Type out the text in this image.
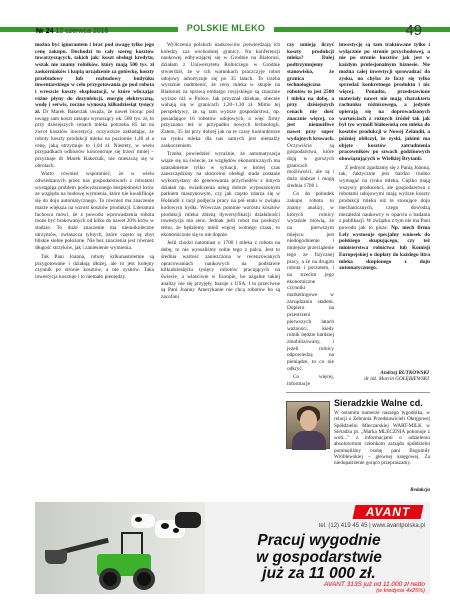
Nr 24 12 czerwca 2016	POLSKIE MLEKO	49

można być ignorantem i brać pod uwagę tylko jego cenę zakupu. Dochodzi tu cały szereg kosztów towarzyszących, takich jak: koszt obsługi kredytu, wszak nie znamy rolników, który mają 500 tys. zł zaskórniaków i kupią urządzenie za gotówkę, koszty przebudowy lub rozbudowy budynku inwentarskiego w celu przygotowania go pod robota i wreszcie koszty eksploatacji, w które wliczając różne płyny do dezynfekcji, energię elektryczną, wodę i serwis, roczne wynoszą kilkadziesiąt tysięcy zł. Dr Marek Bakerzak uważa, że nawet biorąc pod uwagę sam koszt zakupu wynoszący ok. 500 tys. zł, to przy dzisiejszych cenach mleka potrzeba 85 lat na zwrot kosztów inwestycji, oczywiście zakładając, że roboty koszty produkcji mleka na poziomie 1,40 zł a cenę, jaką otrzymuje to 1,04 zł. Niestety, w wielu przypadkach odbiorów koncentruje się trzeci mniej – przyznaje dr Marek Bakerzak, nie mieszczą się w obrotach.

Warto również wspomnieć, że w wielu odwiedzanych przez nas gospodarstwach z robotami wystąpiga problem podwyższonego bezpłodności krów ze względu na budowę wymienia, które nie kwalifikuje się do doju automatycznego. To również ma znaczenie marże większa na wzrost kosztów produkcji. Literatura fachowa mówi, że z powodu wprowadzenia robota może być brakowanych od kilku do nawet 20% krów w stadzie. To duże znaczenie ma nieuniknieczne utrzymów, zwłaszcza tylnych, które często są zbyt bliskie siebie położone. Nie bez znaczenia jest również długość strzyków, jak i zaniesienie wymienia.

Tak Pani Joanna, roboty kilkunastoletnie są przygotowane i działają dłużej, ale to jest kolejny czynnik po stronie kosztów, a nie zysków. Taka inwestycja kosztuje i to niemało pieniędzy.

Wyliczenia polskich naukowców potwierdzają ich koledzy zza wschodniej granicy. Na konferencji naukowej odbywającej się w Grodnie na Białorusi, działam z Uniwersytetu Rolniczego w Grodnie stwierdził, że w ich warunkach praczczyje robot udojowy amortyzuje się po 35 latach. To trzeba wyraźnie nadmienić, że ceny mleka w skupie na Białorusi za sprawą embargo rosyjskiego są znacznie wyższe niż w Polsce. Jak przyznał dziekan, obecnie wahają się w granicach 1,20–1,30 zł. Mimo tej perspektywy, że są tam wyższe gospodarstwa, np. posiadające 16 robotów udojowych, a więc firmy przyznano też w przypadku nowych technologii. Zatem, 35 lat przy dobrej jak na te czasy koniunkturze na rynku mleka dla nas samych jest niemalży zaskoczeniem.

Trzeba powiedzieć wyraźnie, że automatyzacja wiąże się na świecie, ze względów ekonomicznych ma uzasadnienie tylko w sytuacji, w której czas zaoszczędzony na skróceniu obsługi stada zostanie wykorzystany do generowania przychodów z innych działań np. świadczenia usług dobrze wyposażonym parkiem maszynowym, czy jak często zdarza się w Holandii z racji podjęcia pracy na pół etatu w zwiąku kodowym bydła. Wówczas pominie wzrostu kosztów produkcji mleka zbieżą dywersyfikacji działalności inwestycja ma sens. Jednak jeśli robot ma posłużyć temu, że będziemy mieli więcej wolnego czasu, to ekonomicznie się to nie dopnie.

Jeśli chodzi natomiast o 1700 l mleka z robota na dobę, to nie wyssaliśmy sobie tego z palca. Jest to średnia wartość zaniezczona w recenzowanych opracowaniach naukowych na podstawie kilkudziesięciu tysięcy robotów pracujących na świecie, a właściwie w Europie, bo ażgalne takiej analizy nie się przyjęły, bazuje z USA. I to przeciwne są Pani Joanny Amerykanie nie chcą robotów bo są zacofani

czy umieją liczyć koszty produkcji mleka? Dalej podtrzymujemy stanowisko, że granica technologiczna robotów to jest 2500 l mleka na dobę, a przy dzisiejszych cenach nie dość znacznie więcej, co jest niemożliwe nawet przy super wydajnych krowach. Oczywiście są gospodarstwa, które doją w gorszych granicach możliwości, ale są i dużo słabsze i mogą średnia 1700 l.

Co do pobudek zakupu robota to znamy analizy, w których rolnicy wyraźnie mówią, że na pierwszym miejscu jest niedogodnienie i mniejsze przeciążenie tego ze fizycznej pracy, a że na drugim robota i porzutem, i na trzecim jego ekonomiczne czynniki marketingowe w zarządzaniu stadem. Dopiero na przestrzeni pierwszych latach ważności, kiedy rolnik będzie bardziej zmobilizowany, i jeżeli rolnicy odpowiedzą na pieniądze, to co nie odkryć.

Co więcej, informacje

inwestycję są tam traktowane tylko i wyłącznie po stronie przychodowej, a nie po stronie kosztów jak jest w każdym profesjonalnym biznesie. Nie można całej inwestycji sprowadzać do zysku, no chyba że liczy się tylko sprzedaż konkretnego produktu i nic więcej. Ponadto, przedstawione materiały nawet nie mają charakteru rachunku różnicowego, a jedynie opierają się na doprowadzonych wartościach z różnych źródeł tak jak był tyo wymóll białowieżą cen mleka do kosztów produkcji w Nowej Zelandii, a później obliczył, że zyski, jakimi ma objęte kosztów zatrudnienia pracowników po szwach godzinowych obowiązujących w Wielkiej Brytanii.

Z jednym zgadzamy się z Panią Joanną, tak, faktycznie jest bardzo trudno wymagać na rynku mleka. Ciężko mają wszyscy producenci, ale gospodarstwa z robotami udojowymi mają wyższe koszty produkcji mleka niż te stosujące doju mechanicznych, czego dowodzą niezależni naukowcy w oparciu o badania z publikacji. W związku z tym nie ma Pani powodu jak to pisze. Np. niech firma Lely wystosuje specjalny wniosek do polskiego skupującego, czy też ministerstwa rolnictwa lub Komisji Europejskiej o dopłaty do każdego litra mleka skupionego z doju automatycznego.

Andrzej RUTKOWSKI
dr inż. Marcin GOŁĘBIEWSKI
Sieradzkie Walne cd.
W ostatnim numerze naszego tygodnika, w relacji z Zebrania Przedstawicieli Okręgowej Spółdzielni Mleczarskiej WART-MILK w Sieradzu pt. „Marka MLECZNIA pokonuje z woli...” z informacjami o udzieleniu absolutorium członkom zarządu spółdzielni pominęliśmy osobę pani Bogumiły Wróblewskiej – głównej księgowej. Za niedopatrzenie gorąco przepraszamy.
Redakcja
AVANT
tel. (12) 419 45 45 | www.avantpolska.pl
Pracuj wygodnie
w gospodarstwie
już za 11 000 zł.
AVANT 313S już od 11.000 zł netto
(w kredycie 4x25%)
